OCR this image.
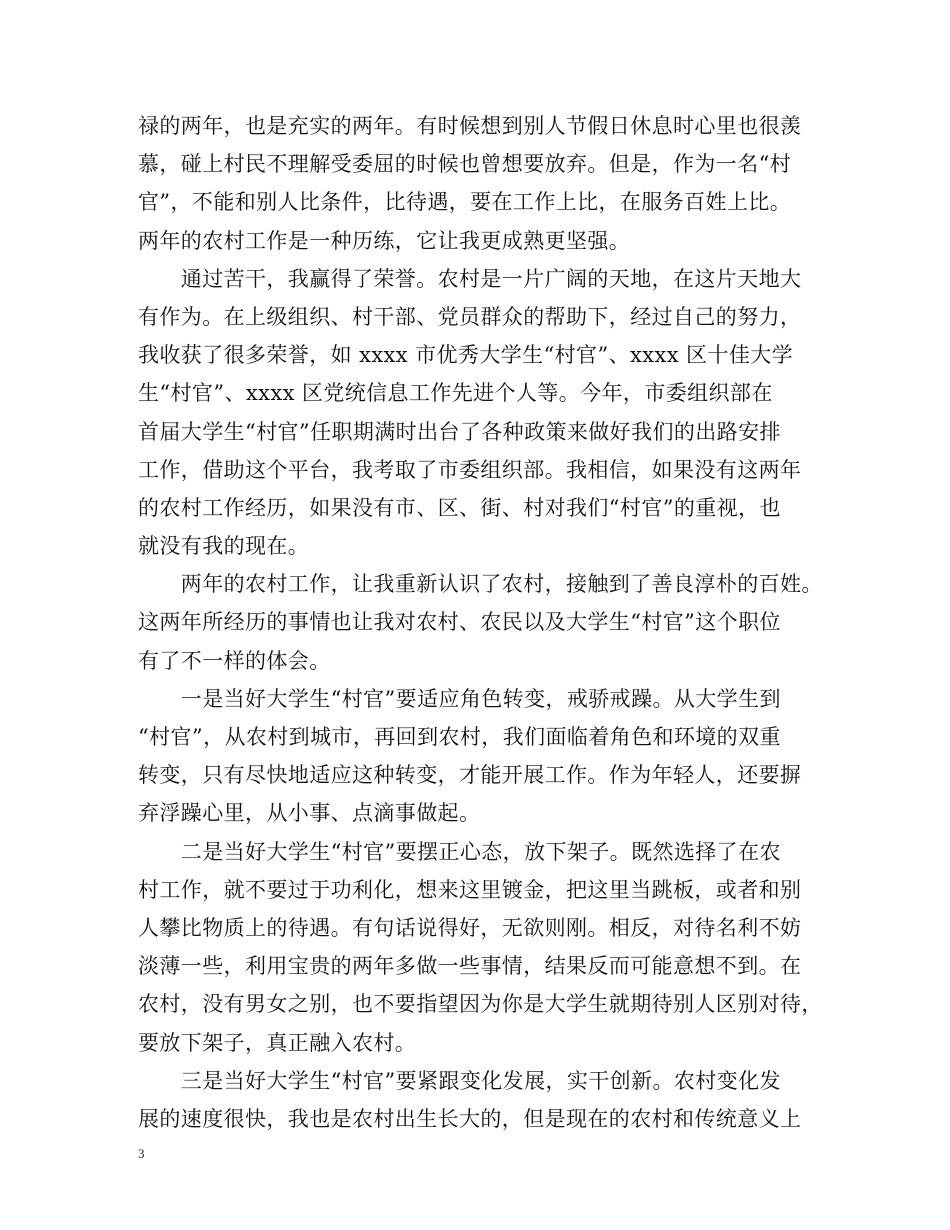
禄的两年，也是充实的两年。有时候想到别人节假日休息时心里也很羡
慕，碰上村民不理解受委屈的时候也曾想要放弃。但是，作为一名“村
官”，不能和别人比条件，比待遇，要在工作上比，在服务百姓上比。
两年的农村工作是一种历练，它让我更成熟更坚强。
　　通过苦干，我赢得了荣誉。农村是一片广阔的天地，在这片天地大
有作为。在上级组织、村干部、党员群众的帮助下，经过自己的努力，
我收获了很多荣誉，如 xxxx 市优秀大学生“村官”、xxxx 区十佳大学
生“村官”、xxxx 区党统信息工作先进个人等。今年，市委组织部在
首届大学生“村官”任职期满时出台了各种政策来做好我们的出路安排
工作，借助这个平台，我考取了市委组织部。我相信，如果没有这两年
的农村工作经历，如果没有市、区、街、村对我们“村官”的重视，也
就没有我的现在。
　　两年的农村工作，让我重新认识了农村，接触到了善良淳朴的百姓。
这两年所经历的事情也让我对农村、农民以及大学生“村官”这个职位
有了不一样的体会。
　　一是当好大学生“村官”要适应角色转变，戒骄戒躁。从大学生到
“村官”，从农村到城市，再回到农村，我们面临着角色和环境的双重
转变，只有尽快地适应这种转变，才能开展工作。作为年轻人，还要摒
弃浮躁心里，从小事、点滴事做起。
　　二是当好大学生“村官”要摆正心态，放下架子。既然选择了在农
村工作，就不要过于功利化，想来这里镀金，把这里当跳板，或者和别
人攀比物质上的待遇。有句话说得好，无欲则刚。相反，对待名利不妨
淡薄一些，利用宝贵的两年多做一些事情，结果反而可能意想不到。在
农村，没有男女之别，也不要指望因为你是大学生就期待别人区别对待，
要放下架子，真正融入农村。
　　三是当好大学生“村官”要紧跟变化发展，实干创新。农村变化发
展的速度很快，我也是农村出生长大的，但是现在的农村和传统意义上
3
